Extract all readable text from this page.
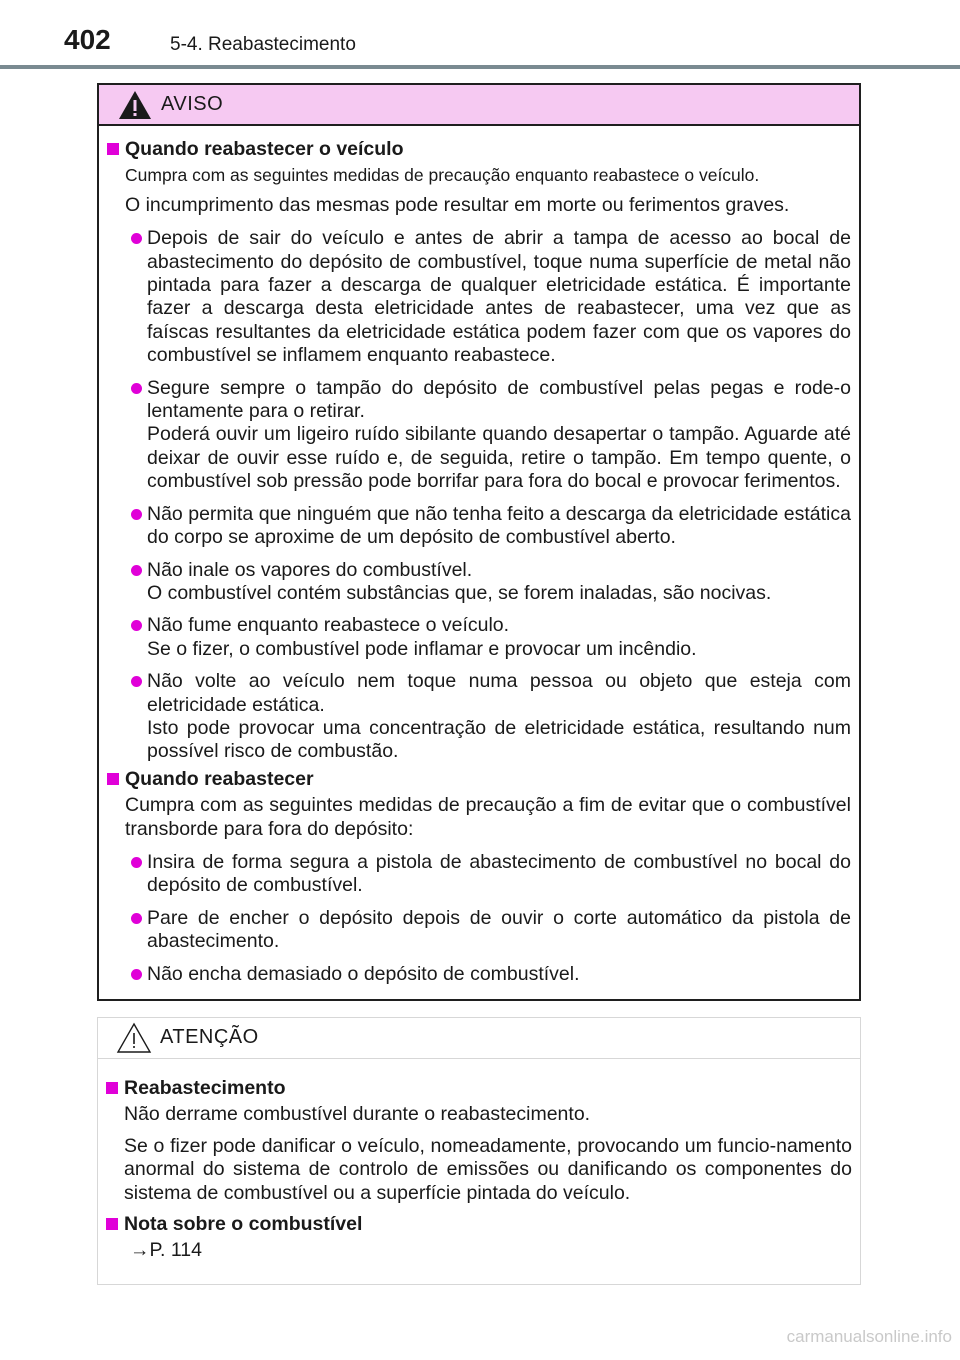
402	5-4. Reabastecimento
AVISO
Quando reabastecer o veículo
Cumpra com as seguintes medidas de precaução enquanto reabastece o veículo.
O incumprimento das mesmas pode resultar em morte ou ferimentos graves.
Depois de sair do veículo e antes de abrir a tampa de acesso ao bocal de abastecimento do depósito de combustível, toque numa superfície de metal não pintada para fazer a descarga de qualquer eletricidade estática. É importante fazer a descarga desta eletricidade antes de reabastecer, uma vez que as faíscas resultantes da eletricidade estática podem fazer com que os vapores do combustível se inflamem enquanto reabastece.
Segure sempre o tampão do depósito de combustível pelas pegas e rode-o lentamente para o retirar.
Poderá ouvir um ligeiro ruído sibilante quando desapertar o tampão. Aguarde até deixar de ouvir esse ruído e, de seguida, retire o tampão. Em tempo quente, o combustível sob pressão pode borrifar para fora do bocal e provocar ferimentos.
Não permita que ninguém que não tenha feito a descarga da eletricidade estática do corpo se aproxime de um depósito de combustível aberto.
Não inale os vapores do combustível.
O combustível contém substâncias que, se forem inaladas, são nocivas.
Não fume enquanto reabastece o veículo.
Se o fizer, o combustível pode inflamar e provocar um incêndio.
Não volte ao veículo nem toque numa pessoa ou objeto que esteja com eletricidade estática.
Isto pode provocar uma concentração de eletricidade estática, resultando num possível risco de combustão.
Quando reabastecer
Cumpra com as seguintes medidas de precaução a fim de evitar que o combustível transborde para fora do depósito:
Insira de forma segura a pistola de abastecimento de combustível no bocal do depósito de combustível.
Pare de encher o depósito depois de ouvir o corte automático da pistola de abastecimento.
Não encha demasiado o depósito de combustível.
ATENÇÃO
Reabastecimento
Não derrame combustível durante o reabastecimento.
Se o fizer pode danificar o veículo, nomeadamente, provocando um funcio-namento anormal do sistema de controlo de emissões ou danificando os componentes do sistema de combustível ou a superfície pintada do veículo.
Nota sobre o combustível
→P. 114
carmanualsonline.info
